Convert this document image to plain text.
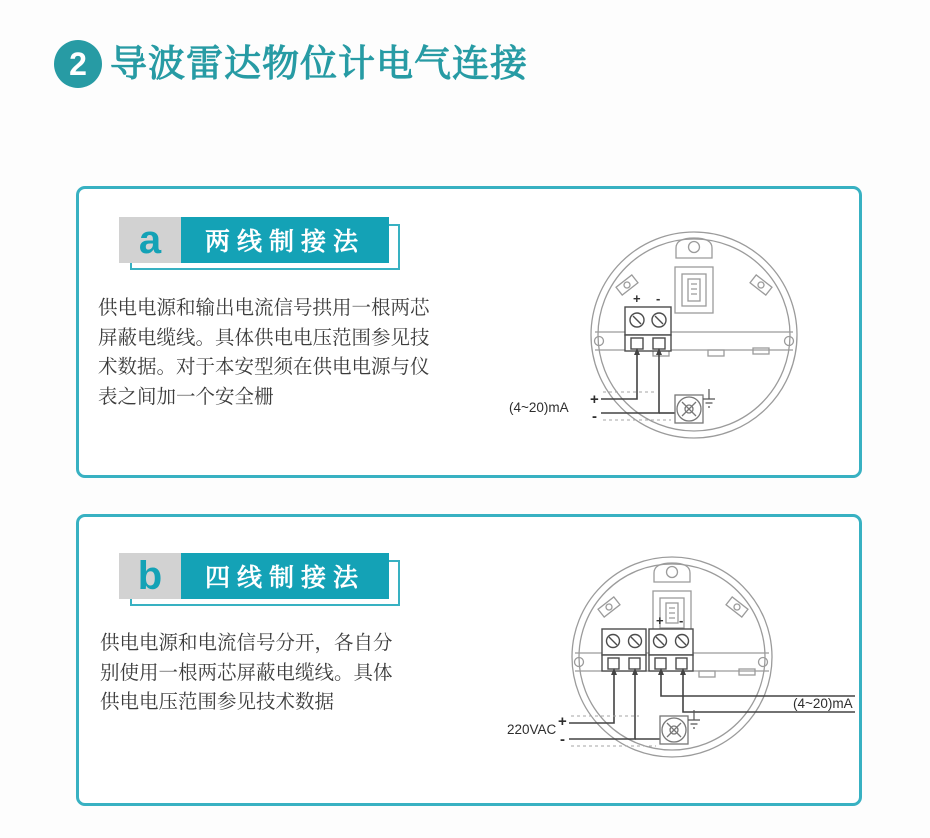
2 导波雷达物位计电气连接
a	两线制接法
供电电源和输出电流信号拱用一根两芯
屏蔽电缆线。具体供电电压范围参见技
术数据。对于本安型须在供电电源与仪
表之间加一个安全栅
+ -
(4~20)mA +
-
b	四线制接法
供电电源和电流信号分开，各自分
别使用一根两芯屏蔽电缆线。具体
供电电压范围参见技术数据
+ -
220VAC +
-
(4~20)mA
